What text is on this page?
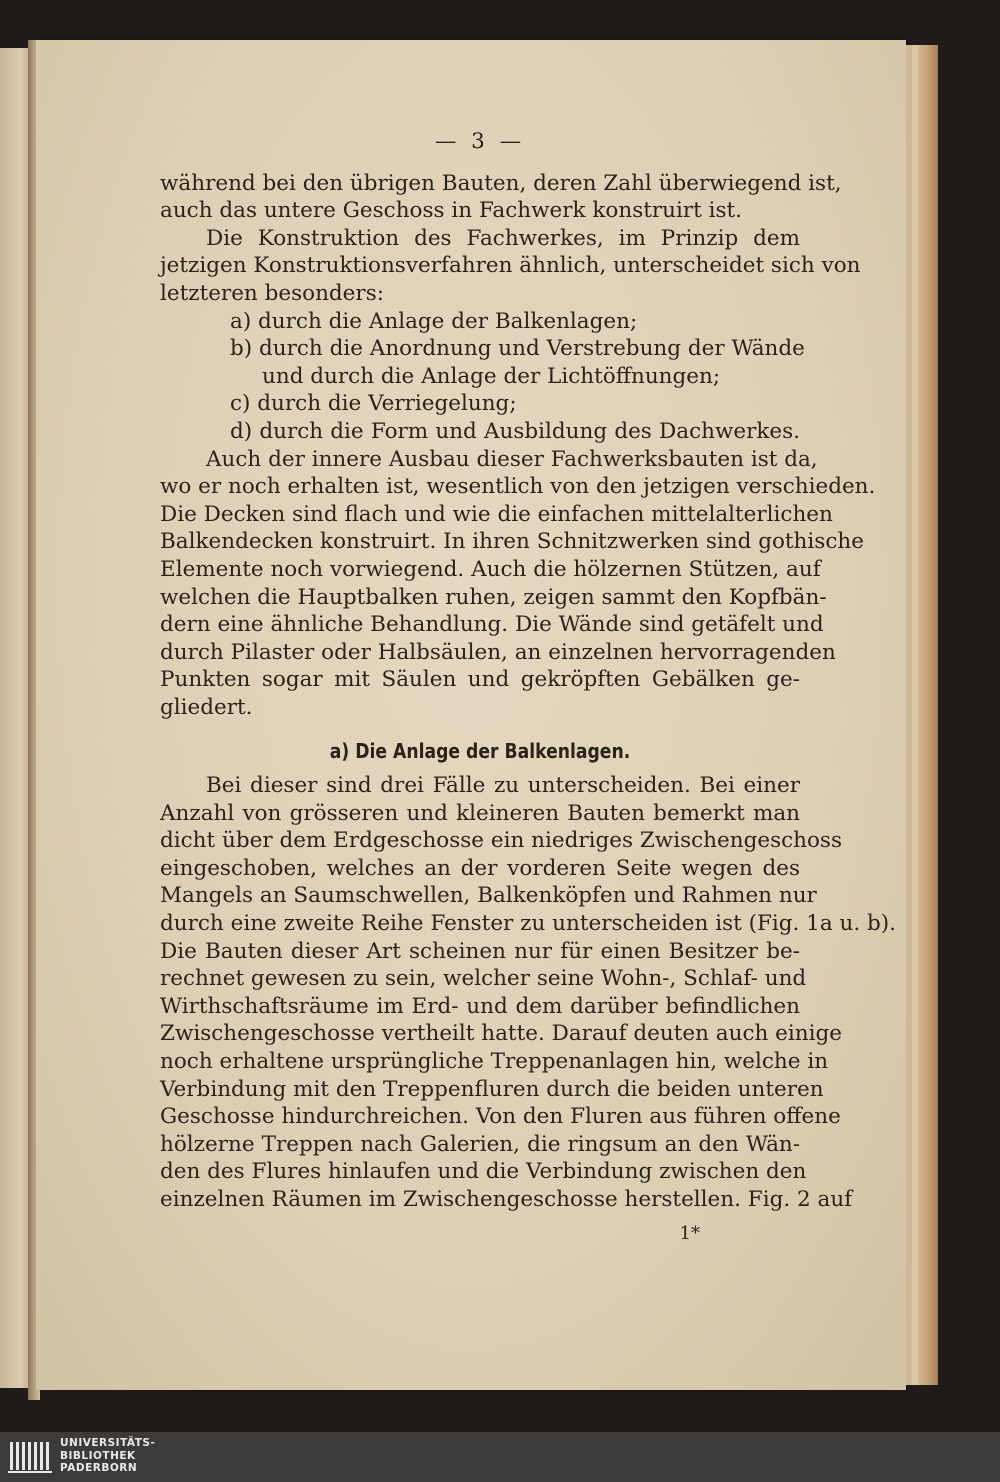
— 3 —
während bei den übrigen Bauten, deren Zahl überwiegend ist,
auch das untere Geschoss in Fachwerk konstruirt ist.
Die Konstruktion des Fachwerkes, im Prinzip dem
jetzigen Konstruktionsverfahren ähnlich, unterscheidet sich von
letzteren besonders:
a) durch die Anlage der Balkenlagen;
b) durch die Anordnung und Verstrebung der Wände
und durch die Anlage der Lichtöffnungen;
c) durch die Verriegelung;
d) durch die Form und Ausbildung des Dachwerkes.
Auch der innere Ausbau dieser Fachwerksbauten ist da,
wo er noch erhalten ist, wesentlich von den jetzigen verschieden.
Die Decken sind flach und wie die einfachen mittelalterlichen
Balkendecken konstruirt. In ihren Schnitzwerken sind gothische
Elemente noch vorwiegend. Auch die hölzernen Stützen, auf
welchen die Hauptbalken ruhen, zeigen sammt den Kopfbän-
dern eine ähnliche Behandlung. Die Wände sind getäfelt und
durch Pilaster oder Halbsäulen, an einzelnen hervorragenden
Punkten sogar mit Säulen und gekröpften Gebälken ge-
gliedert.
a) Die Anlage der Balkenlagen.
Bei dieser sind drei Fälle zu unterscheiden. Bei einer
Anzahl von grösseren und kleineren Bauten bemerkt man
dicht über dem Erdgeschosse ein niedriges Zwischengeschoss
eingeschoben, welches an der vorderen Seite wegen des
Mangels an Saumschwellen, Balkenköpfen und Rahmen nur
durch eine zweite Reihe Fenster zu unterscheiden ist (Fig. 1a u. b).
Die Bauten dieser Art scheinen nur für einen Besitzer be-
rechnet gewesen zu sein, welcher seine Wohn-, Schlaf- und
Wirthschaftsräume im Erd- und dem darüber befindlichen
Zwischengeschosse vertheilt hatte. Darauf deuten auch einige
noch erhaltene ursprüngliche Treppenanlagen hin, welche in
Verbindung mit den Treppenfluren durch die beiden unteren
Geschosse hindurchreichen. Von den Fluren aus führen offene
hölzerne Treppen nach Galerien, die ringsum an den Wän-
den des Flures hinlaufen und die Verbindung zwischen den
einzelnen Räumen im Zwischengeschosse herstellen. Fig. 2 auf
1*
UNIVERSITÄTS-
BIBLIOTHEK
PADERBORN
